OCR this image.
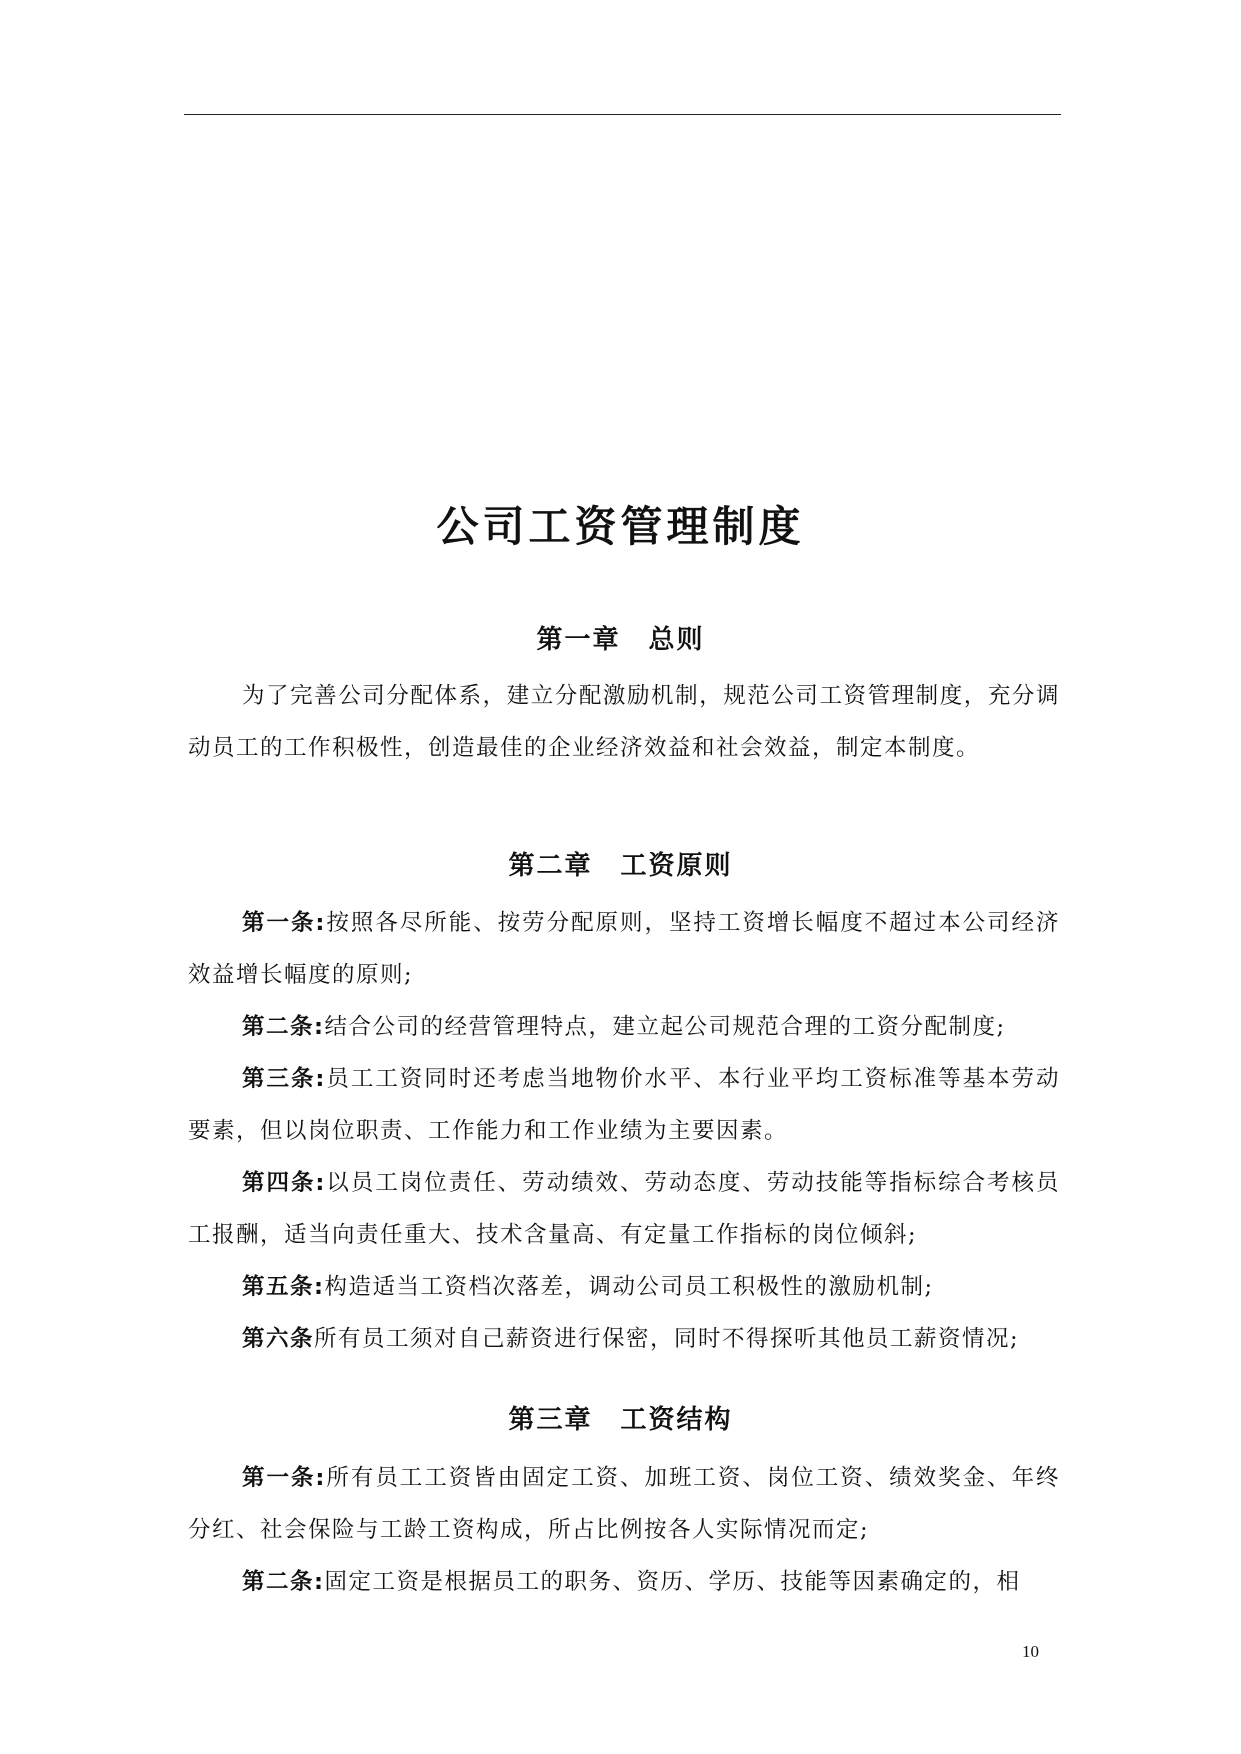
公司工资管理制度
第一章　总则
为了完善公司分配体系，建立分配激励机制，规范公司工资管理制度，充分调动员工的工作积极性，创造最佳的企业经济效益和社会效益，制定本制度。
第二章　工资原则
第一条:按照各尽所能、按劳分配原则，坚持工资增长幅度不超过本公司经济效益增长幅度的原则;
第二条:结合公司的经营管理特点，建立起公司规范合理的工资分配制度;
第三条:员工工资同时还考虑当地物价水平、本行业平均工资标准等基本劳动要素，但以岗位职责、工作能力和工作业绩为主要因素。
第四条:以员工岗位责任、劳动绩效、劳动态度、劳动技能等指标综合考核员工报酬，适当向责任重大、技术含量高、有定量工作指标的岗位倾斜;
第五条:构造适当工资档次落差，调动公司员工积极性的激励机制;
第六条所有员工须对自己薪资进行保密，同时不得探听其他员工薪资情况;
第三章　工资结构
第一条:所有员工工资皆由固定工资、加班工资、岗位工资、绩效奖金、年终分红、社会保险与工龄工资构成，所占比例按各人实际情况而定;
第二条:固定工资是根据员工的职务、资历、学历、技能等因素确定的，相
10
